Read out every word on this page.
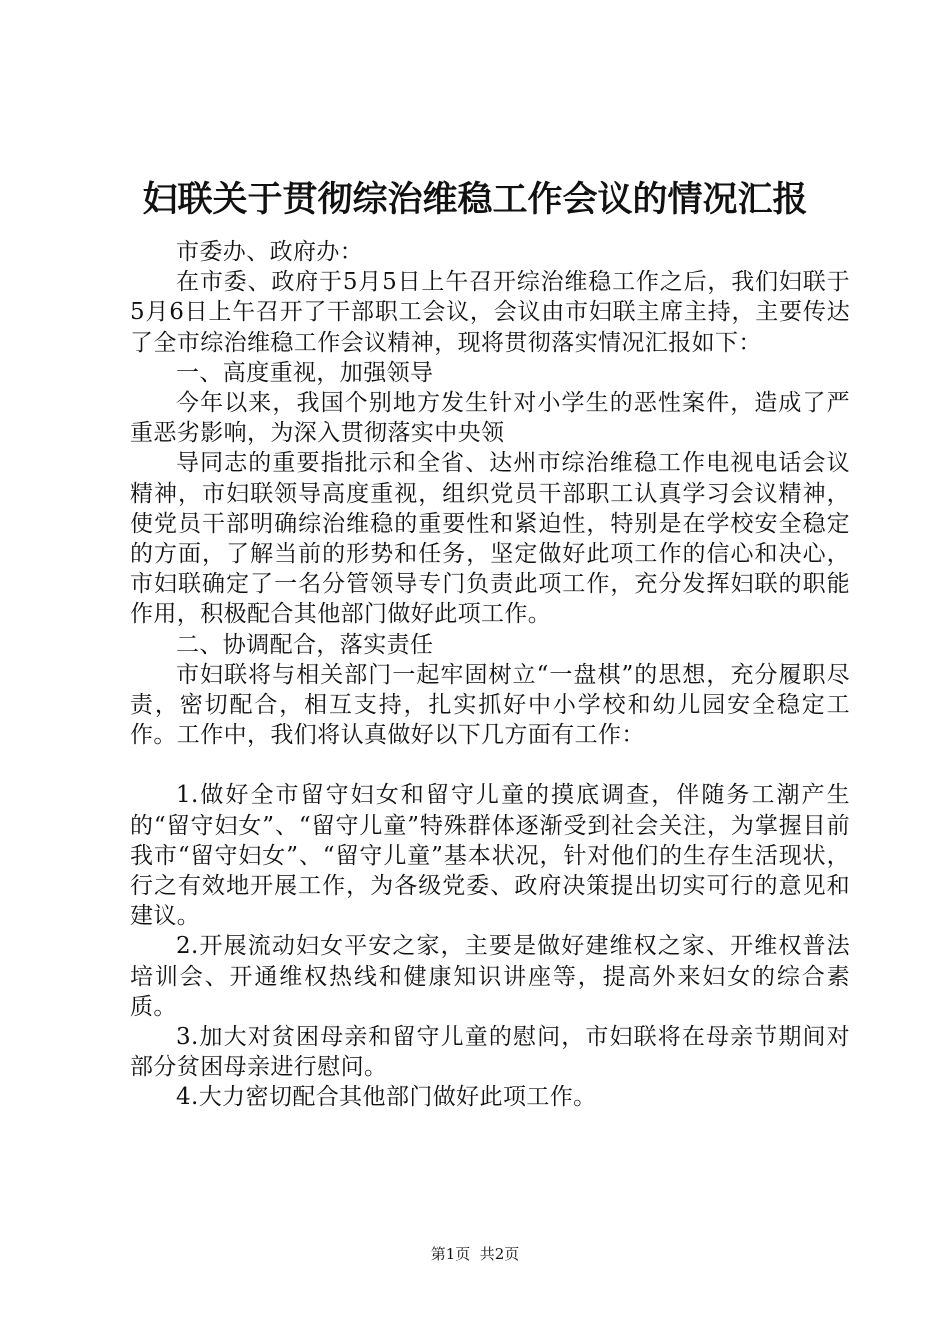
妇联关于贯彻综治维稳工作会议的情况汇报

市委办、政府办：

在市委、政府于5月5日上午召开综治维稳工作之后，我们妇联于5月6日上午召开了干部职工会议，会议由市妇联主席主持，主要传达了全市综治维稳工作会议精神，现将贯彻落实情况汇报如下：

一、高度重视，加强领导

今年以来，我国个别地方发生针对小学生的恶性案件，造成了严重恶劣影响，为深入贯彻落实中央领

导同志的重要指批示和全省、达州市综治维稳工作电视电话会议精神，市妇联领导高度重视，组织党员干部职工认真学习会议精神，使党员干部明确综治维稳的重要性和紧迫性，特别是在学校安全稳定的方面，了解当前的形势和任务，坚定做好此项工作的信心和决心，市妇联确定了一名分管领导专门负责此项工作，充分发挥妇联的职能作用，积极配合其他部门做好此项工作。

二、协调配合，落实责任

市妇联将与相关部门一起牢固树立“一盘棋”的思想，充分履职尽责，密切配合，相互支持，扎实抓好中小学校和幼儿园安全稳定工作。工作中，我们将认真做好以下几方面有工作：

1.做好全市留守妇女和留守儿童的摸底调查，伴随务工潮产生的“留守妇女”、“留守儿童”特殊群体逐渐受到社会关注，为掌握目前我市“留守妇女”、“留守儿童”基本状况，针对他们的生存生活现状，行之有效地开展工作，为各级党委、政府决策提出切实可行的意见和建议。

2.开展流动妇女平安之家，主要是做好建维权之家、开维权普法培训会、开通维权热线和健康知识讲座等，提高外来妇女的综合素质。

3.加大对贫困母亲和留守儿童的慰问，市妇联将在母亲节期间对部分贫困母亲进行慰问。

4.大力密切配合其他部门做好此项工作。

第1页  共2页
